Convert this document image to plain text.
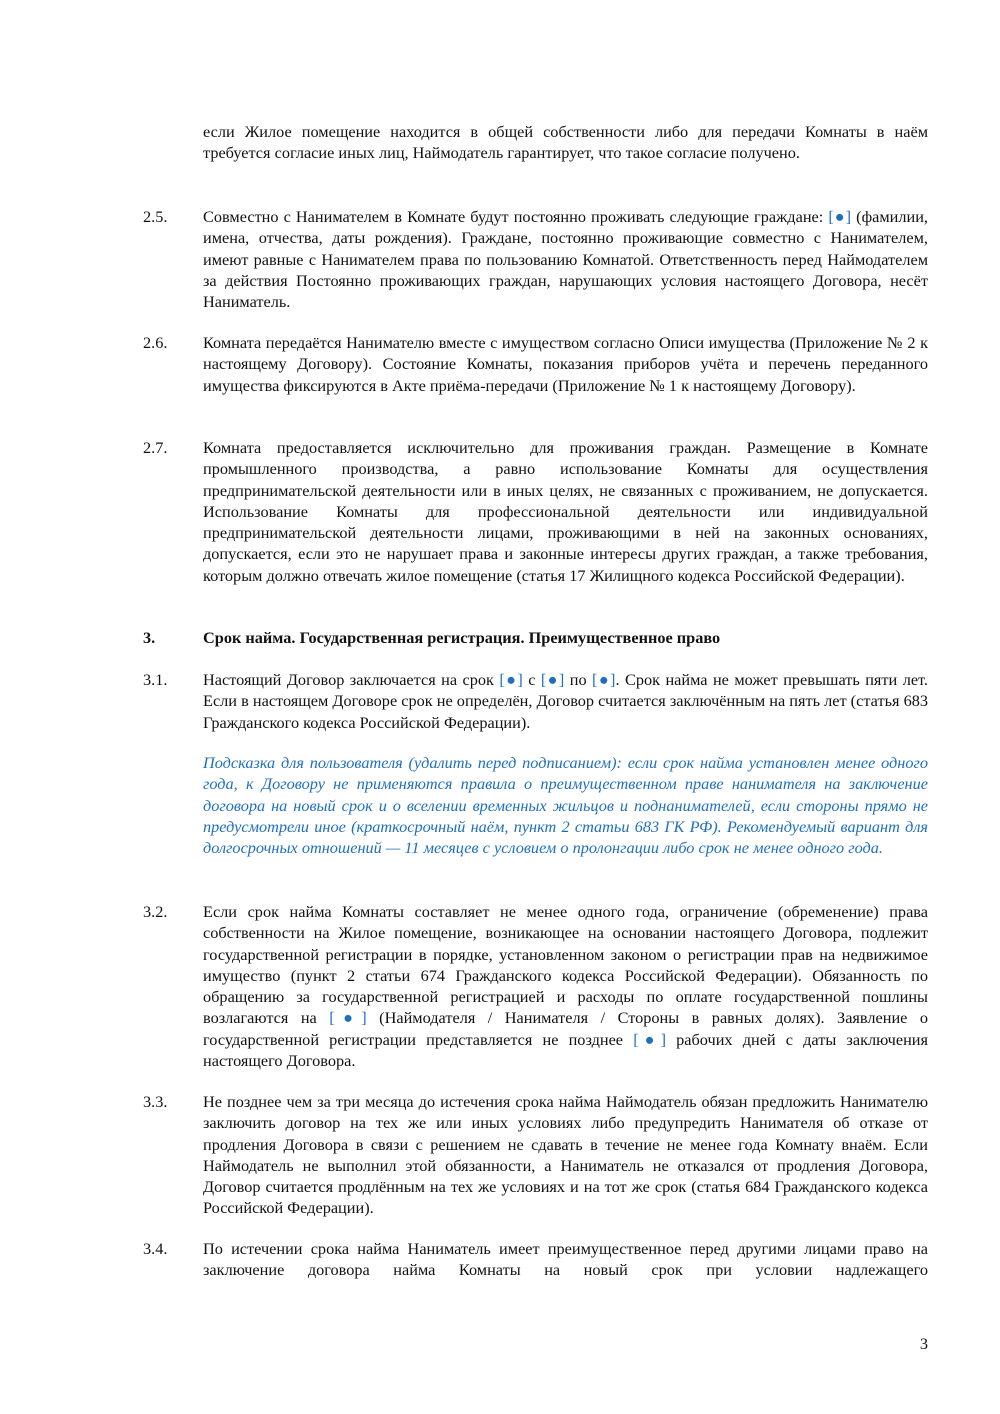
если Жилое помещение находится в общей собственности либо для передачи Комнаты в наём требуется согласие иных лиц, Наймодатель гарантирует, что такое согласие получено.
2.5. Совместно с Нанимателем в Комнате будут постоянно проживать следующие граждане: [●] (фамилии, имена, отчества, даты рождения). Граждане, постоянно проживающие совместно с Нанимателем, имеют равные с Нанимателем права по пользованию Комнатой. Ответственность перед Наймодателем за действия Постоянно проживающих граждан, нарушающих условия настоящего Договора, несёт Наниматель.
2.6. Комната передаётся Нанимателю вместе с имуществом согласно Описи имущества (Приложение № 2 к настоящему Договору). Состояние Комнаты, показания приборов учёта и перечень переданного имущества фиксируются в Акте приёма-передачи (Приложение № 1 к настоящему Договору).
2.7. Комната предоставляется исключительно для проживания граждан. Размещение в Комнате промышленного производства, а равно использование Комнаты для осуществления предпринимательской деятельности или в иных целях, не связанных с проживанием, не допускается. Использование Комнаты для профессиональной деятельности или индивидуальной предпринимательской деятельности лицами, проживающими в ней на законных основаниях, допускается, если это не нарушает права и законные интересы других граждан, а также требования, которым должно отвечать жилое помещение (статья 17 Жилищного кодекса Российской Федерации).
3.	Срок найма. Государственная регистрация. Преимущественное право
3.1. Настоящий Договор заключается на срок [●] с [●] по [●]. Срок найма не может превышать пяти лет. Если в настоящем Договоре срок не определён, Договор считается заключённым на пять лет (статья 683 Гражданского кодекса Российской Федерации).
Подсказка для пользователя (удалить перед подписанием): если срок найма установлен менее одного года, к Договору не применяются правила о преимущественном праве нанимателя на заключение договора на новый срок и о вселении временных жильцов и поднанимателей, если стороны прямо не предусмотрели иное (краткосрочный наём, пункт 2 статьи 683 ГК РФ). Рекомендуемый вариант для долгосрочных отношений — 11 месяцев с условием о пролонгации либо срок не менее одного года.
3.2. Если срок найма Комнаты составляет не менее одного года, ограничение (обременение) права собственности на Жилое помещение, возникающее на основании настоящего Договора, подлежит государственной регистрации в порядке, установленном законом о регистрации прав на недвижимое имущество (пункт 2 статьи 674 Гражданского кодекса Российской Федерации). Обязанность по обращению за государственной регистрацией и расходы по оплате государственной пошлины возлагаются на [●] (Наймодателя / Нанимателя / Стороны в равных долях). Заявление о государственной регистрации представляется не позднее [●] рабочих дней с даты заключения настоящего Договора.
3.3. Не позднее чем за три месяца до истечения срока найма Наймодатель обязан предложить Нанимателю заключить договор на тех же или иных условиях либо предупредить Нанимателя об отказе от продления Договора в связи с решением не сдавать в течение не менее года Комнату внаём. Если Наймодатель не выполнил этой обязанности, а Наниматель не отказался от продления Договора, Договор считается продлённым на тех же условиях и на тот же срок (статья 684 Гражданского кодекса Российской Федерации).
3.4. По истечении срока найма Наниматель имеет преимущественное перед другими лицами право на заключение договора найма Комнаты на новый срок при условии надлежащего
3
